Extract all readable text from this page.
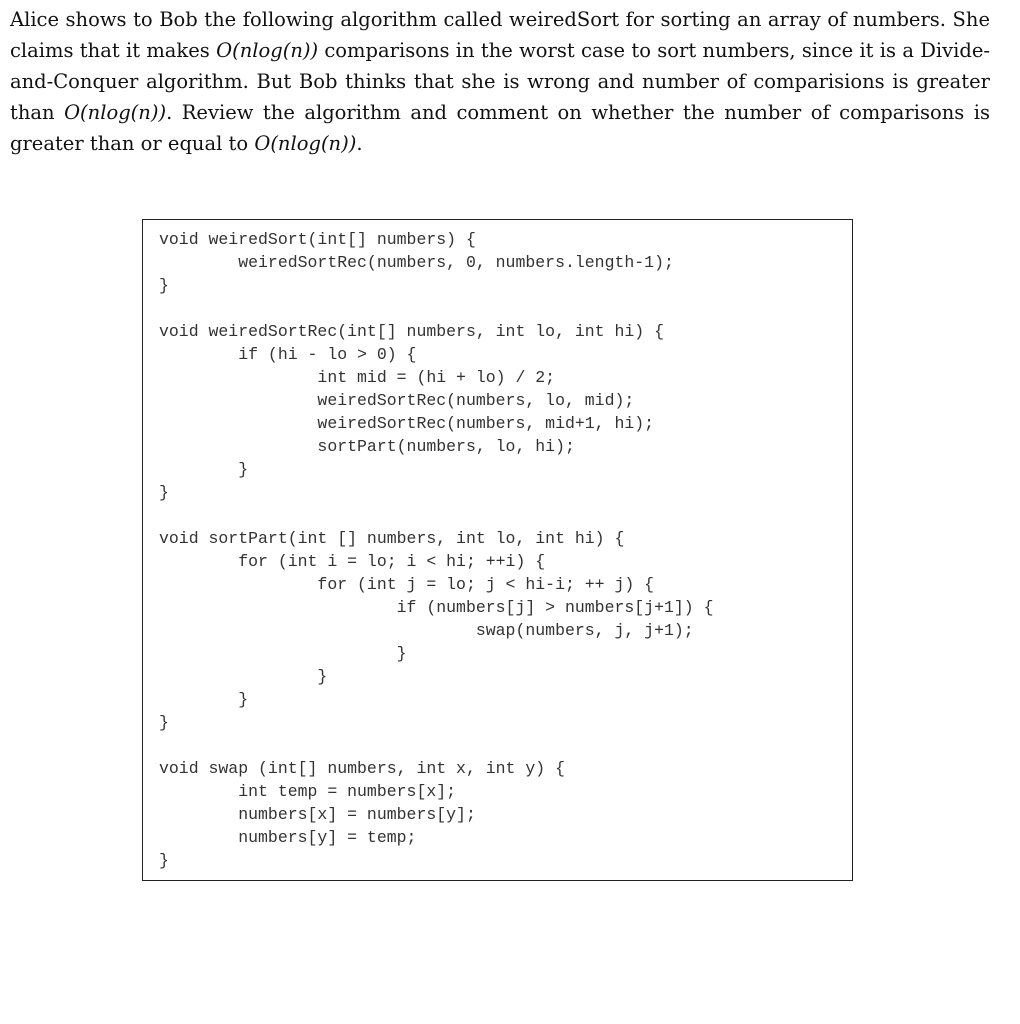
Alice shows to Bob the following algorithm called weiredSort for sorting an array of numbers. She claims that it makes O(nlog(n)) comparisons in the worst case to sort numbers, since it is a Divide-and-Conquer algorithm. But Bob thinks that she is wrong and number of comparisions is greater than O(nlog(n)). Review the algorithm and comment on whether the number of comparisons is greater than or equal to O(nlog(n)).
void weiredSort(int[] numbers) {
weiredSortRec(numbers, 0, numbers.length-1);
}
void weiredSortRec(int[] numbers, int lo, int hi) {
if (hi - lo > 0) {
int mid = (hi + lo) / 2;
weiredSortRec(numbers, lo, mid);
weiredSortRec(numbers, mid+1, hi);
sortPart(numbers, lo, hi);
}
}
void sortPart(int [] numbers, int lo, int hi) {
for (int i = lo; i < hi; ++i) {
for (int j = lo; j < hi-i; ++ j) {
if (numbers[j] > numbers[j+1]) {
swap(numbers, j, j+1);
}
}
}
}
void swap (int[] numbers, int x, int y) {
int temp = numbers[x];
numbers[x] = numbers[y];
numbers[y] = temp;
}
